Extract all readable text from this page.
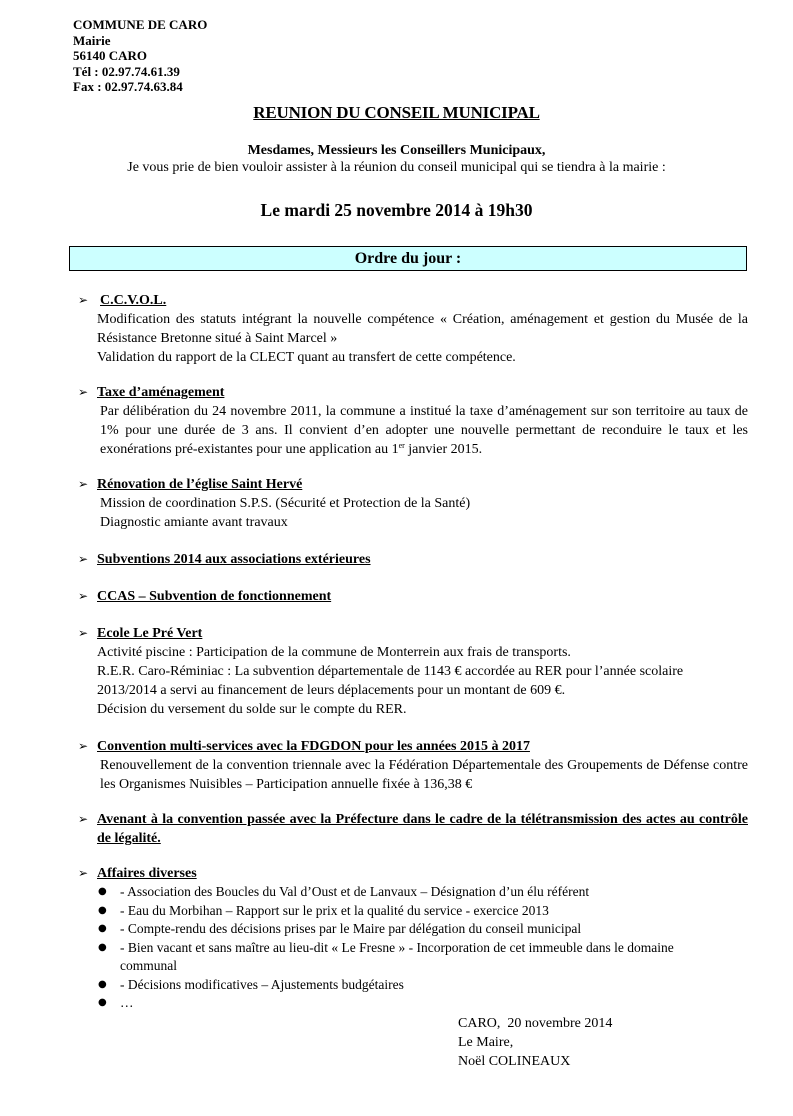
COMMUNE DE CARO
Mairie
56140 CARO
Tél : 02.97.74.61.39
Fax : 02.97.74.63.84
REUNION DU CONSEIL MUNICIPAL
Mesdames, Messieurs les Conseillers Municipaux,
Je vous prie de bien vouloir assister à la réunion du conseil municipal qui se tiendra à la mairie :
Le mardi 25 novembre 2014 à 19h30
Ordre du jour :
➢ C.C.V.O.L.

Modification des statuts intégrant la nouvelle compétence « Création, aménagement et gestion du Musée de la Résistance Bretonne situé à Saint Marcel »

Validation du rapport de la CLECT quant au transfert de cette compétence.

➢ Taxe d’aménagement

Par délibération du 24 novembre 2011, la commune a institué la taxe d’aménagement sur son territoire au taux de 1% pour une durée de 3 ans. Il convient d’en adopter une nouvelle permettant de reconduire le taux et les exonérations pré-existantes pour une application au 1er janvier 2015.

➢ Rénovation de l’église Saint Hervé

Mission de coordination S.P.S. (Sécurité et Protection de la Santé)

Diagnostic amiante avant travaux

➢ Subventions 2014 aux associations extérieures
➢ CCAS – Subvention de fonctionnement
➢ Ecole Le Pré Vert

Activité piscine : Participation de la commune de Monterrein aux frais de transports.

R.E.R. Caro-Réminiac : La subvention départementale de 1143 € accordée au RER pour l’année scolaire 2013/2014 a servi au financement de leurs déplacements pour un montant de 609 €.

Décision du versement du solde sur le compte du RER.

➢ Convention multi-services avec la FDGDON pour les années 2015 à 2017

Renouvellement de la convention triennale avec la Fédération Départementale des Groupements de Défense contre les Organismes Nuisibles – Participation annuelle fixée à 136,38 €

➢ Avenant à la convention passée avec la Préfecture dans le cadre de la télétransmission des actes au contrôle de légalité.
➢ Affaires diverses
● - Association des Boucles du Val d’Oust et de Lanvaux – Désignation d’un élu référent
● - Eau du Morbihan – Rapport sur le prix et la qualité du service - exercice 2013
● - Compte-rendu des décisions prises par le Maire par délégation du conseil municipal
● - Bien vacant et sans maître au lieu-dit « Le Fresne » - Incorporation de cet immeuble dans le domaine communal
● - Décisions modificatives – Ajustements budgétaires
● …
CARO,  20 novembre 2014
Le Maire,
Noël COLINEAUX
